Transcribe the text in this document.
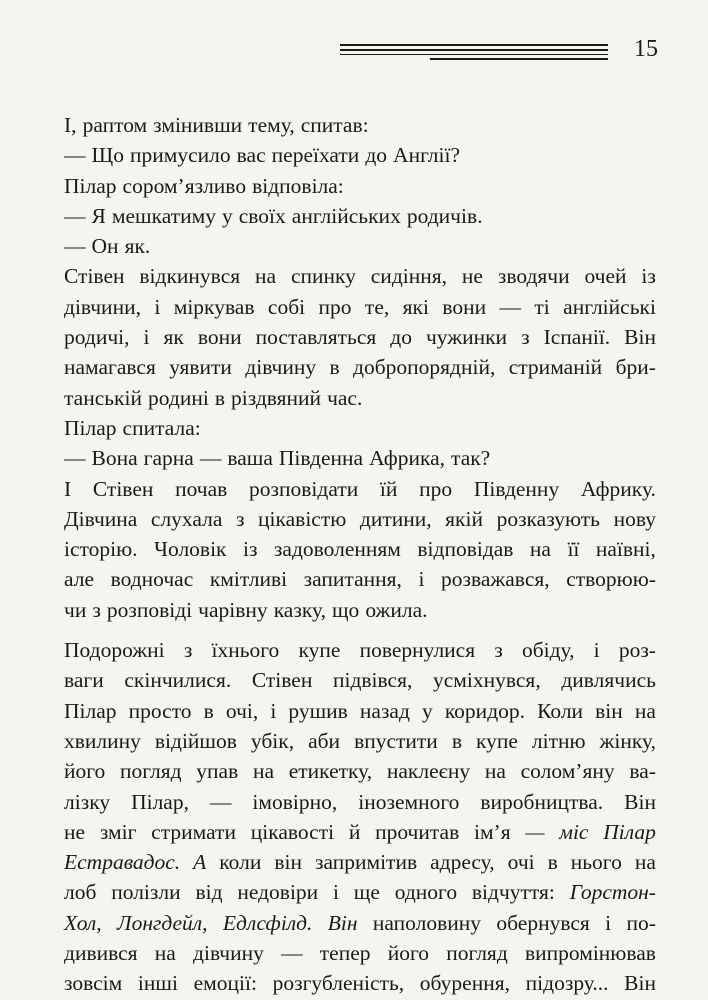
15
І, раптом змінивши тему, спитав:
— Що примусило вас переїхати до Англії?
Пілар сором’язливо відповіла:
— Я мешкатиму у своїх англійських родичів.
— Он як.
Стівен відкинувся на спинку сидіння, не зводячи очей із
дівчини, і міркував собі про те, які вони — ті англійські
родичі, і як вони поставляться до чужинки з Іспанії. Він
намагався уявити дівчину в добропорядній, стриманій бри-
танській родині в різдвяний час.
Пілар спитала:
— Вона гарна — ваша Південна Африка, так?
І Стівен почав розповідати їй про Південну Африку.
Дівчина слухала з цікавістю дитини, якій розказують нову
історію. Чоловік із задоволенням відповідав на її наївні,
але водночас кмітливі запитання, і розважався, створюю-
чи з розповіді чарівну казку, що ожила.
Подорожні з їхнього купе повернулися з обіду, і роз-
ваги скінчилися. Стівен підвівся, усміхнувся, дивлячись
Пілар просто в очі, і рушив назад у коридор. Коли він на
хвилину відійшов убік, аби впустити в купе літню жінку,
його погляд упав на етикетку, наклеєну на солом’яну ва-
лізку Пілар, — імовірно, іноземного виробництва. Він
не зміг стримати цікавості й прочитав ім’я — міс Пілар
Естравадос. А коли він запримітив адресу, очі в нього на
лоб полізли від недовіри і ще одного відчуття: Горстон-
Хол, Лонгдейл, Едлсфілд. Він наполовину обернувся і по-
дивився на дівчину — тепер його погляд випромінював
зовсім інші емоції: розгубленість, обурення, підозру... Він
